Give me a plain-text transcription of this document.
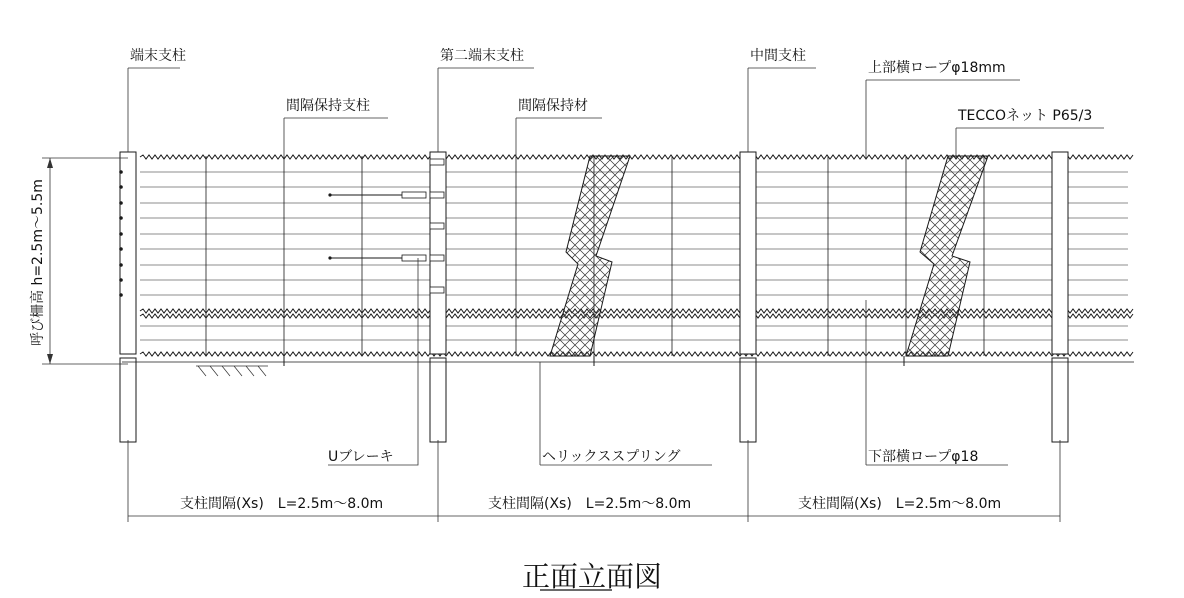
端末支柱	第二端末支柱	中間支柱
上部横ロープφ18mm
間隔保持支柱	間隔保持材
TECCOネット P65/3
呼び柵高 h=2.5m～5.5m
Uブレーキ	ヘリックススプリング	下部横ロープφ18
支柱間隔(Xs)　L=2.5m～8.0m	支柱間隔(Xs)　L=2.5m～8.0m	支柱間隔(Xs)　L=2.5m～8.0m
正面立面図
